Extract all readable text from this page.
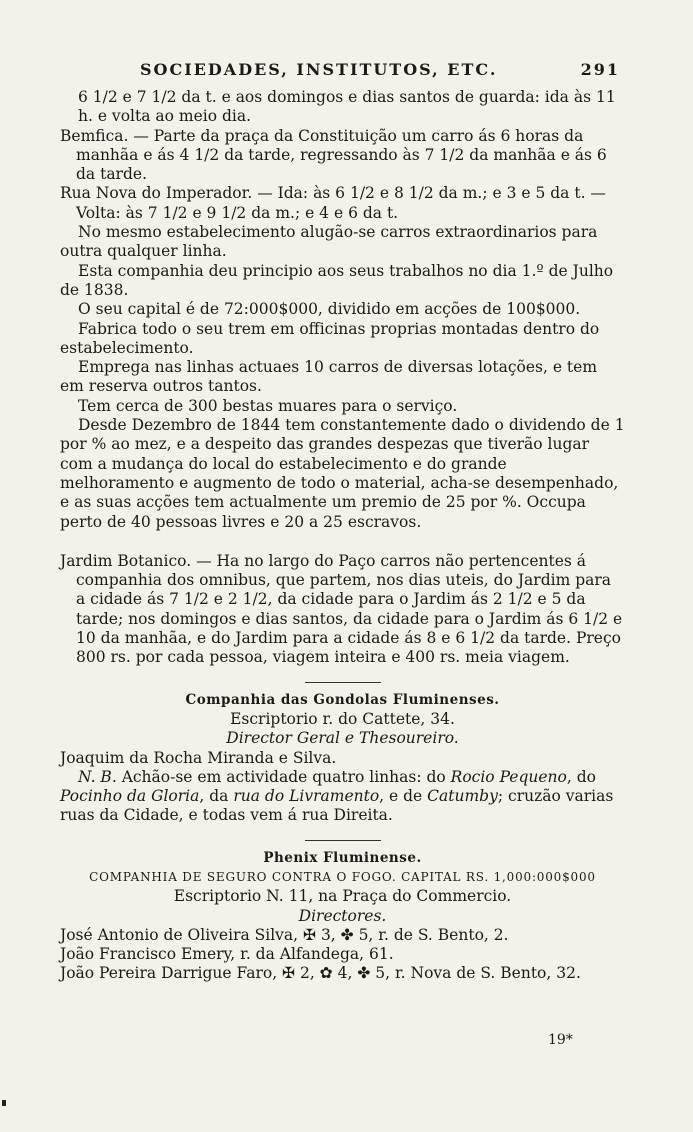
SOCIEDADES, INSTITUTOS, ETC.	291

6 1/2 e 7 1/2 da t. e aos domingos e dias santos de guarda: ida às 11 h. e volta ao meio dia.

Bemfica. — Parte da praça da Constituição um carro ás 6 horas da manhãa e ás 4 1/2 da tarde, regressando às 7 1/2 da manhãa e ás 6 da tarde.

Rua Nova do Imperador. — Ida: às 6 1/2 e 8 1/2 da m.; e 3 e 5 da t. — Volta: às 7 1/2 e 9 1/2 da m.; e 4 e 6 da t.

No mesmo estabelecimento alugão-se carros extraordinarios para outra qualquer linha.

Esta companhia deu principio aos seus trabalhos no dia 1.º de Julho de 1838.

O seu capital é de 72:000$000, dividido em acções de 100$000.

Fabrica todo o seu trem em officinas proprias montadas dentro do estabelecimento.

Emprega nas linhas actuaes 10 carros de diversas lotações, e tem em reserva outros tantos.

Tem cerca de 300 bestas muares para o serviço.

Desde Dezembro de 1844 tem constantemente dado o dividendo de 1 por % ao mez, e a despeito das grandes despezas que tiverão lugar com a mudança do local do estabelecimento e do grande melhoramento e augmento de todo o material, acha-se desempenhado, e as suas acções tem actualmente um premio de 25 por %. Occupa perto de 40 pessoas livres e 20 a 25 escravos.

Jardim Botanico. — Ha no largo do Paço carros não pertencentes á companhia dos omnibus, que partem, nos dias uteis, do Jardim para a cidade ás 7 1/2 e 2 1/2, da cidade para o Jardim ás 2 1/2 e 5 da tarde; nos domingos e dias santos, da cidade para o Jardim ás 6 1/2 e 10 da manhãa, e do Jardim para a cidade ás 8 e 6 1/2 da tarde. Preço 800 rs. por cada pessoa, viagem inteira e 400 rs. meia viagem.

Companhia das Gondolas Fluminenses.

Escriptorio r. do Cattete, 34.

Director Geral e Thesoureiro.

Joaquim da Rocha Miranda e Silva.

N. B. Achão-se em actividade quatro linhas: do Rocio Pequeno, do Pocinho da Gloria, da rua do Livramento, e de Catumby; cruzão varias ruas da Cidade, e todas vem á rua Direita.

Phenix Fluminense.

COMPANHIA DE SEGURO CONTRA O FOGO. CAPITAL RS. 1,000:000$000

Escriptorio N. 11, na Praça do Commercio.

Directores.

José Antonio de Oliveira Silva, ✠ 3, ✤ 5, r. de S. Bento, 2.

João Francisco Emery, r. da Alfandega, 61.

João Pereira Darrigue Faro, ✠ 2, ✿ 4, ✤ 5, r. Nova de S. Bento, 32.

19*
